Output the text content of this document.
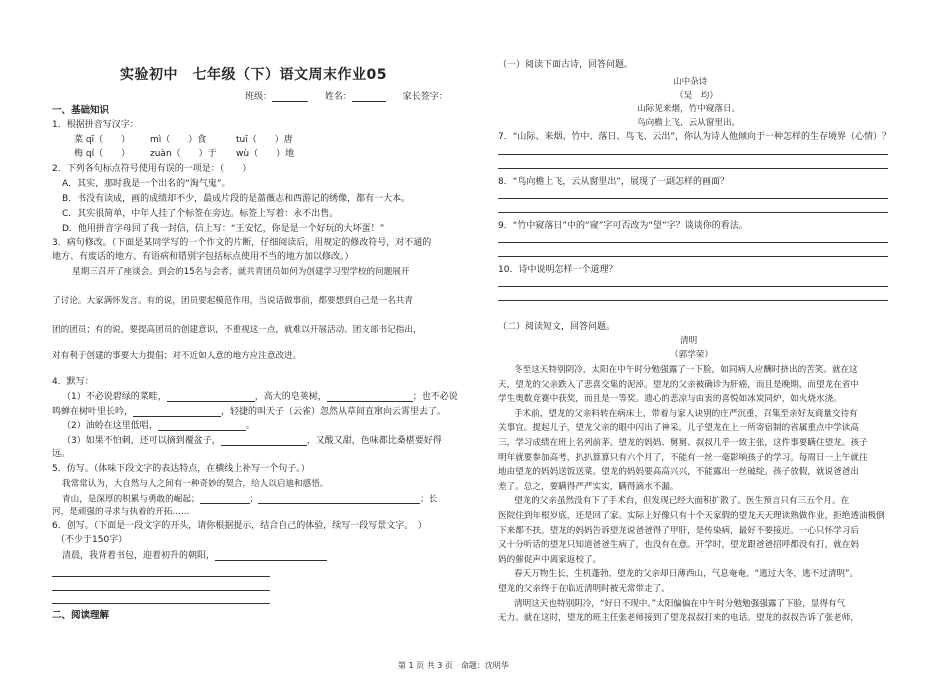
实验初中　七年级（下）语文周末作业05
班级：	姓名：	家长签字：
一、基础知识
1．根据拼音写汉字：
菜 qī（　　） mì（　　）食	tuī（　　）唐
梅 qí（　　） zuàn（　　）于 wù（　　）地
2．下列各句标点符号使用有误的一项是：（　　）
A．其实，那时我是一个出名的“淘气鬼”。
B．书没有读成，画的成绩却不少，最成片段的是蔷薇志和西游记的绣像，都有一大本。
C．其实很简单，中年人挂了个标签在旁边。标签上写着：永不出售。
D．他用拼音字母回了我一封信，信上写：“王安忆，你是是一个好玩的大坏蛋！”
3．病句修改。（下面是某同学写的一个作文的片断，仔细阅读后，用规定的修改符号，对不通的
地方、有废话的地方、有语病和错别字包括标点使用不当的地方加以修改。）
星期三召开了座谈会。到会的15名与会者，就共青团员如何为创建学习型学校的问题展开
了讨论。大家满怀发言。有的说，团员要起模范作用，当说话做事前，都要想到自己是一名共青
团的团员；有的说，要提高团员的创建意识，不重视这一点，就难以开展活动。团支部书记指出，
对有利于创建的事要大力提倡；对不近如人意的地方应注意改进。
4．默写：
（1）不必说碧绿的菜畦，	，高大的皂荚树，	；也不必说
鸣蝉在树叶里长吟，	，轻捷的叫天子（云雀）忽然从草间直窜向云霄里去了。
（2）油蛉在这里低唱，	。
（3）如果不怕刺，还可以摘到覆盆子，	，又酸又甜，色味都比桑椹要好得
远。
5．仿写。（体味下段文字的表达特点，在横线上补写一个句子。）
我常常认为，大自然与人之间有一种奇妙的契合，给人以启迪和感悟。
青山，是深厚的积累与勇敢的崛起；	；	；长
河，是顽强的寻求与执着的开拓……
6．创写。（下面是一段文字的开头，请你根据提示，结合自己的体验，续写一段写景文字。　）
（不少于150字）
清晨，我背着书包，迎着初升的朝阳，
二、阅读理解
（一）阅读下面古诗，回答问题。
山中杂诗
（吴　均）
山际见来烟，竹中窥落日。
鸟向檐上飞，云从窗里出。
7．“山际、来烟、竹中、落日、鸟飞、云出”，你认为诗人他倾向于一种怎样的生存境界（心情）？
8．“鸟向檐上飞，云从窗里出”，展现了一副怎样的画面？
9．“竹中窥落日”中的“窥”字可否改为“望”字？谈谈你的看法。
10．诗中说明怎样一个道理？
（二）阅读短文，回答问题。
清明
（郭学荣）
冬至这天特别阴冷，太阳在中午时分勉强露了一下脸，如同病人应酬时挤出的苦笑。就在这
天，望龙的父亲跌入了悲喜交集的泥淖。望龙的父亲被确诊为肝癌，而且是晚期，而望龙在省中
学生奥数竞赛中获奖，而且是一等奖。遗心的悲凉与由衷的喜悦如冰炭同炉，如火烧水浇。
手术前，望龙的父亲料转在病床上，带着与家人诀别的庄严沉重，召集至亲好友商量交待有
关事宜。提起儿子，望龙父亲的眼中闪出了神采。儿子望龙在上一所寄宿制的省属重点中学读高
三，学习成绩在班上名列前茅。望龙的妈妈、舅舅、叔叔几乎一致主张，这件事要瞒住望龙。孩子
明年就要参加高考，扒扒算算只有六个月了，不能有一丝一毫影响孩子的学习。每周日一上午就往
地由望龙的妈妈送饭送菜。望龙的妈妈要高高兴兴，不能露出一丝破绽。孩子放假，就说爸爸出
差了。总之，要瞒得严严实实，瞒得滴水不漏。
望龙的父亲虽然没有下了手术台，但发现已经大面积扩散了。医生预言只有三五个月。在
医院住到年根岁底，还是回了家。实际上好像只有十个天家假的望龙天天理读熟做作业，拒绝透油极倒
下来都不扶。望龙的妈妈告诉望龙说爸爸得了甲肝，是传染病，最好不要接近。一心只怀学习后
又十分听话的望龙只知道爸爸生病了，也没有在意。开学时，望龙跟爸爸招呼都没有打，就在妈
妈的催促声中离家返校了。
春天万物生长，生机蓬勃，望龙的父亲却日薄西山，气息奄奄。“逃过大冬，逃不过清明”。
望龙的父亲终于在临近清明时被无常带走了。
清明这天也特别阴冷，“好日不现中。”太阳偏偏在中午时分勉勉强强露了下脸，显得有气
无力。就在这时，望龙的班主任张老师接到了望龙叔叔打来的电话。望龙的叔叔告诉了张老师，
第 1 页 共 3 页　命题：沈明华
